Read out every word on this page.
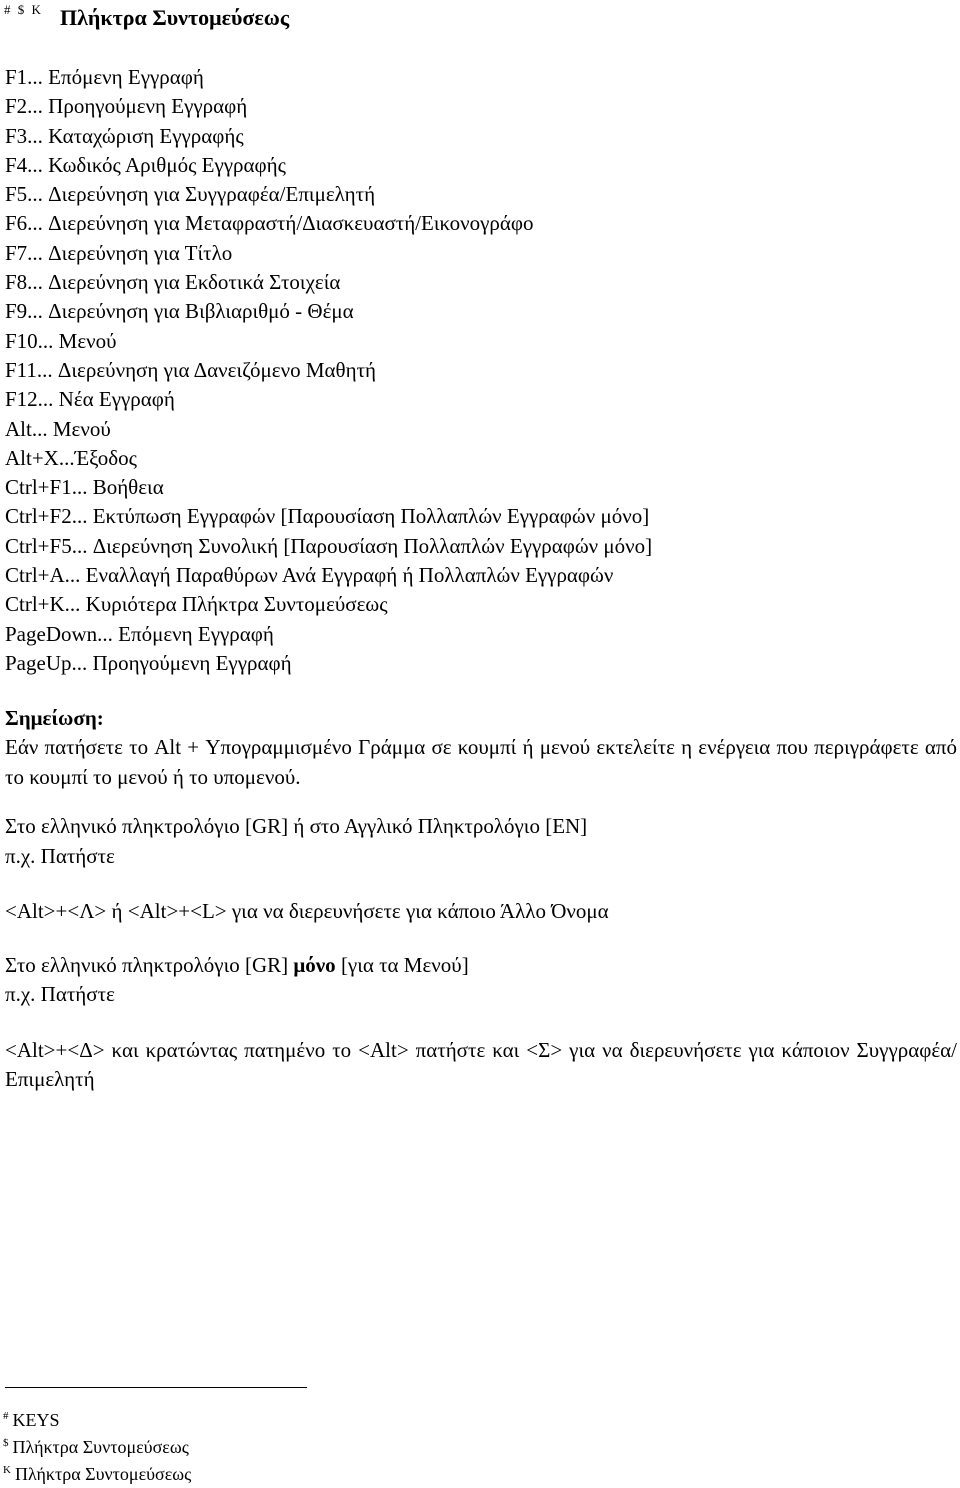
# $ K Πλήκτρα Συντομεύσεως
F1... Επόμενη Εγγραφή
F2... Προηγούμενη Εγγραφή
F3... Καταχώριση Εγγραφής
F4... Κωδικός Αριθμός Εγγραφής
F5... Διερεύνηση για Συγγραφέα/Επιμελητή
F6... Διερεύνηση για Μεταφραστή/Διασκευαστή/Εικονογράφο
F7... Διερεύνηση για Τίτλο
F8... Διερεύνηση για Εκδοτικά Στοιχεία
F9... Διερεύνηση για Βιβλιαριθμό - Θέμα
F10... Μενού
F11... Διερεύνηση για Δανειζόμενο Μαθητή
F12... Νέα Εγγραφή
Alt... Μενού
Alt+X...Έξοδος
Ctrl+F1... Βοήθεια
Ctrl+F2... Εκτύπωση Εγγραφών [Παρουσίαση Πολλαπλών Εγγραφών μόνο]
Ctrl+F5... Διερεύνηση Συνολική [Παρουσίαση Πολλαπλών Εγγραφών μόνο]
Ctrl+A... Εναλλαγή Παραθύρων Ανά Εγγραφή ή Πολλαπλών Εγγραφών
Ctrl+K... Κυριότερα Πλήκτρα Συντομεύσεως
PageDown... Επόμενη Εγγραφή
PageUp... Προηγούμενη Εγγραφή
Σημείωση:

Εάν πατήσετε το Alt + Υπογραμμισμένο Γράμμα σε κουμπί ή μενού εκτελείτε η ενέργεια που περιγράφετε από το κουμπί το μενού ή το υπομενού.

Στο ελληνικό πληκτρολόγιο [GR] ή στο Αγγλικό Πληκτρολόγιο [EN]

π.χ. Πατήστε

<Alt>+<Λ> ή <Alt>+<L> για να διερευνήσετε για κάποιο Άλλο Όνομα

Στο ελληνικό πληκτρολόγιο [GR] μόνο [για τα Μενού]

π.χ. Πατήστε

<Alt>+<Δ> και κρατώντας πατημένο το <Alt> πατήστε και <Σ> για να διερευνήσετε για κάποιον Συγγραφέα/Επιμελητή

# KEYS
$ Πλήκτρα Συντομεύσεως
$^K$ Πλήκτρα Συντομεύσεως
